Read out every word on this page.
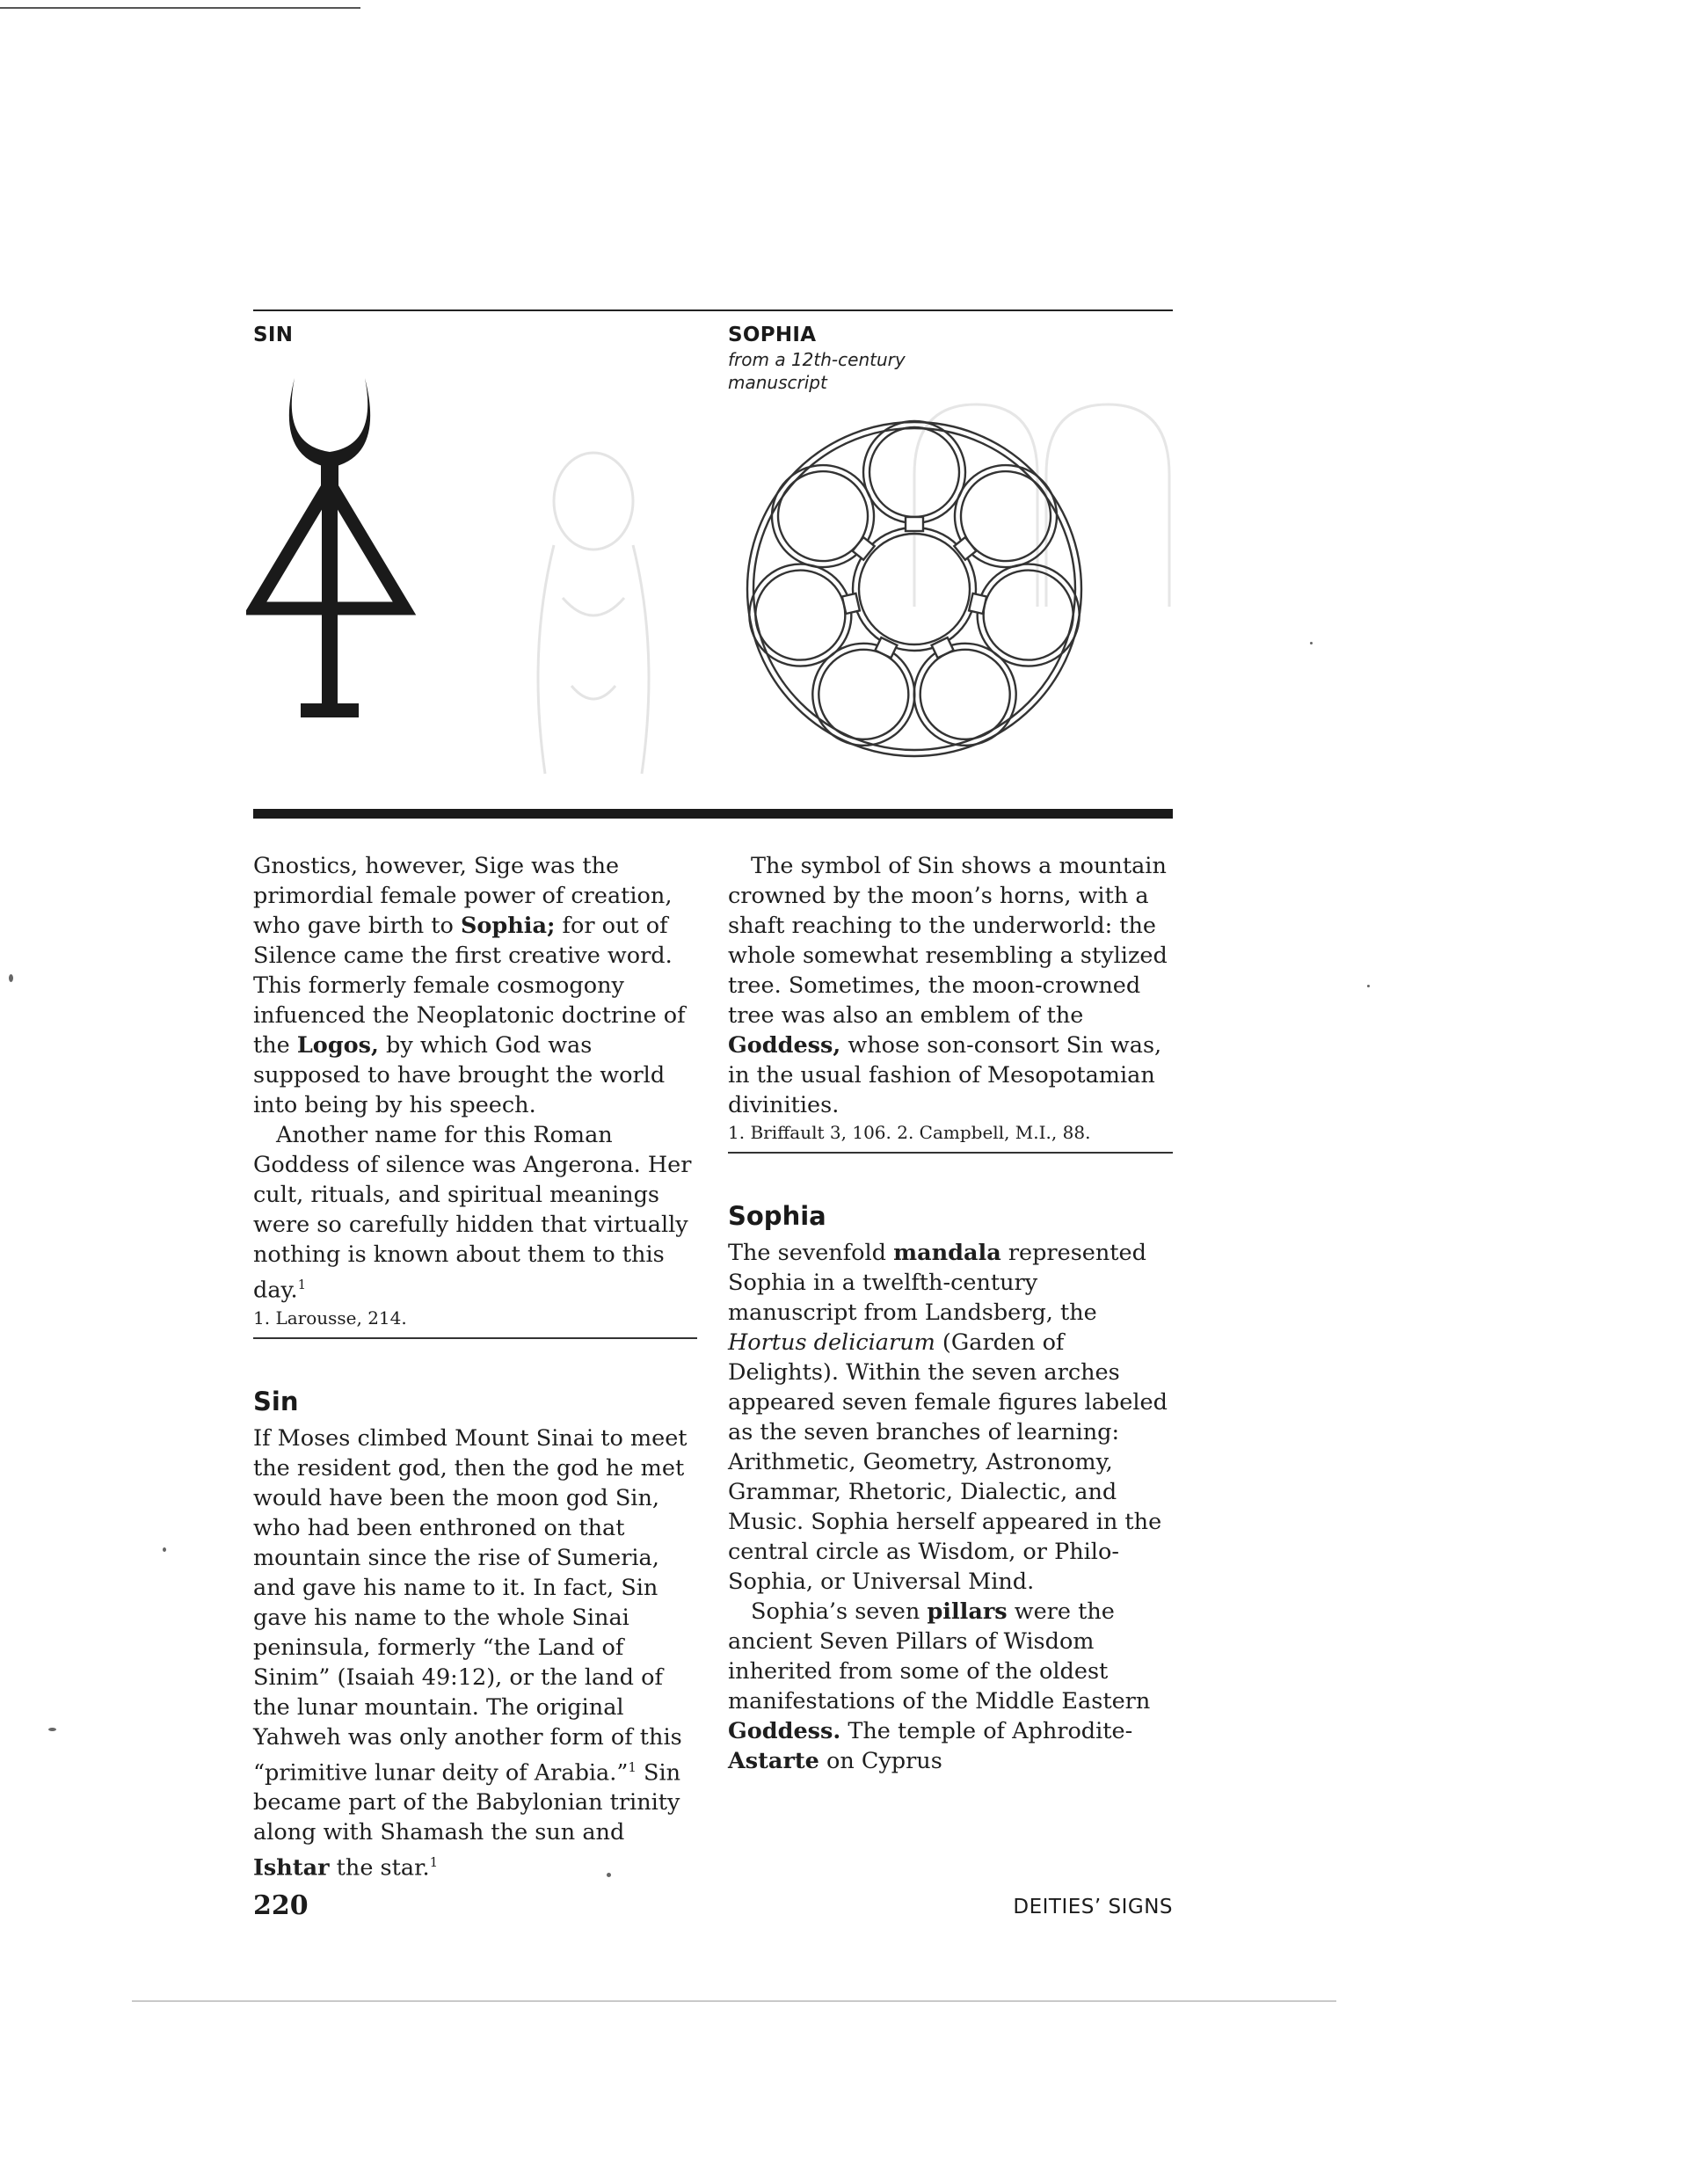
SIN	SOPHIA
from a 12th-century
manuscript

Gnostics, however, Sige was the primordial female power of creation, who gave birth to Sophia; for out of Silence came the first creative word. This formerly female cosmogony infuenced the Neoplatonic doctrine of the Logos, by which God was supposed to have brought the world into being by his speech.

Another name for this Roman Goddess of silence was Angerona. Her cult, rituals, and spiritual meanings were so carefully hidden that virtually nothing is known about them to this day.$^1$

1. Larousse, 214.

Sin

If Moses climbed Mount Sinai to meet the resident god, then the god he met would have been the moon god Sin, who had been enthroned on that mountain since the rise of Sumeria, and gave his name to it. In fact, Sin gave his name to the whole Sinai peninsula, formerly “the Land of Sinim” (Isaiah 49:12), or the land of the lunar mountain. The original Yahweh was only another form of this “primitive lunar deity of Arabia.”$^1$ Sin became part of the Babylonian trinity along with Shamash the sun and Ishtar the star.$^1$

The symbol of Sin shows a mountain crowned by the moon’s horns, with a shaft reaching to the underworld: the whole somewhat resembling a stylized tree. Sometimes, the moon-crowned tree was also an emblem of the Goddess, whose son-consort Sin was, in the usual fashion of Mesopotamian divinities.

1. Briffault 3, 106. 2. Campbell, M.I., 88.

Sophia

The sevenfold mandala represented Sophia in a twelfth-century manuscript from Landsberg, the Hortus deliciarum (Garden of Delights). Within the seven arches appeared seven female figures labeled as the seven branches of learning: Arithmetic, Geometry, Astronomy, Grammar, Rhetoric, Dialectic, and Music. Sophia herself appeared in the central circle as Wisdom, or Philo-Sophia, or Universal Mind.

Sophia’s seven pillars were the ancient Seven Pillars of Wisdom inherited from some of the oldest manifestations of the Middle Eastern Goddess. The temple of Aphrodite-Astarte on Cyprus

220	DEITIES’ SIGNS
